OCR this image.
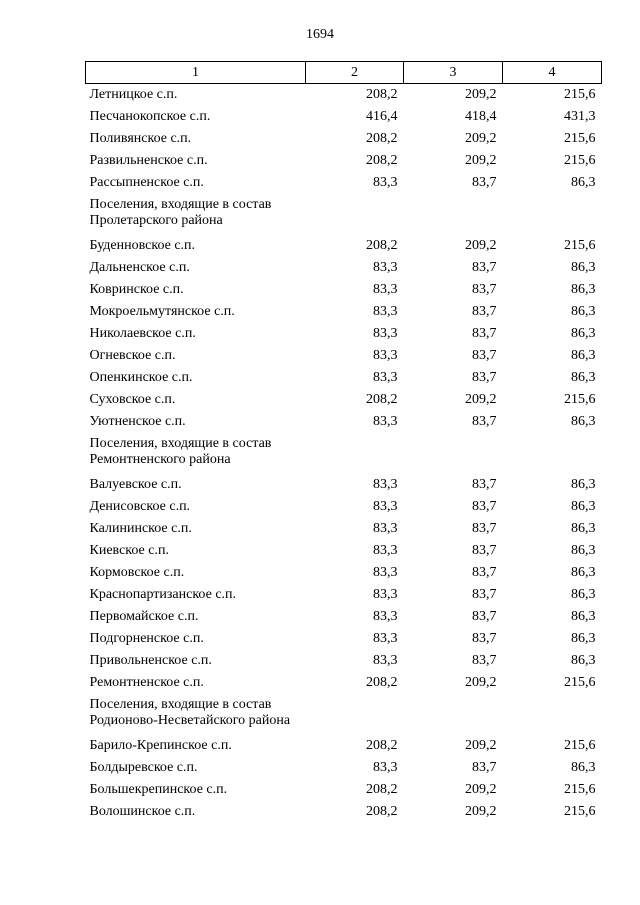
1694
1	2	3	4
Летницкое с.п.	208,2	209,2	215,6
Песчанокопское с.п.	416,4	418,4	431,3
Поливянское с.п.	208,2	209,2	215,6
Развильненское с.п.	208,2	209,2	215,6
Рассыпненское с.п.	83,3	83,7	86,3
Поселения, входящие в состав Пролетарского района			
Буденновское с.п.	208,2	209,2	215,6
Дальненское с.п.	83,3	83,7	86,3
Ковринское с.п.	83,3	83,7	86,3
Мокроельмутянское с.п.	83,3	83,7	86,3
Николаевское с.п.	83,3	83,7	86,3
Огневское с.п.	83,3	83,7	86,3
Опенкинское с.п.	83,3	83,7	86,3
Суховское с.п.	208,2	209,2	215,6
Уютненское с.п.	83,3	83,7	86,3
Поселения, входящие в состав Ремонтненского района			
Валуевское с.п.	83,3	83,7	86,3
Денисовское с.п.	83,3	83,7	86,3
Калининское с.п.	83,3	83,7	86,3
Киевское с.п.	83,3	83,7	86,3
Кормовское с.п.	83,3	83,7	86,3
Краснопартизанское с.п.	83,3	83,7	86,3
Первомайское с.п.	83,3	83,7	86,3
Подгорненское с.п.	83,3	83,7	86,3
Привольненское с.п.	83,3	83,7	86,3
Ремонтненское с.п.	208,2	209,2	215,6
Поселения, входящие в состав Родионово-Несветайского района			
Барило-Крепинское с.п.	208,2	209,2	215,6
Болдыревское с.п.	83,3	83,7	86,3
Большекрепинское с.п.	208,2	209,2	215,6
Волошинское с.п.	208,2	209,2	215,6
